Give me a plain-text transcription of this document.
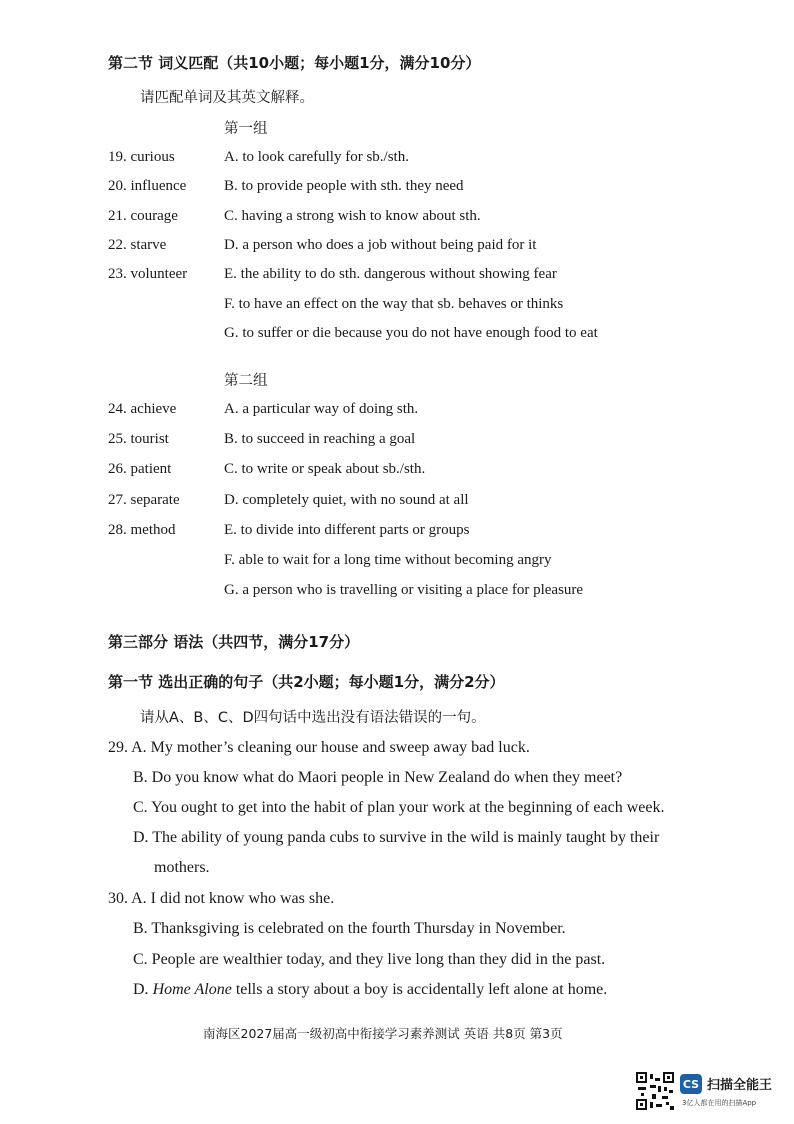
第二节 词义匹配（共10小题；每小题1分，满分10分）
请匹配单词及其英文解释。
第一组
19. curious
20. influence
21. courage
22. starve
23. volunteer
A. to look carefully for sb./sth.
B. to provide people with sth. they need
C. having a strong wish to know about sth.
D. a person who does a job without being paid for it
E. the ability to do sth. dangerous without showing fear
F. to have an effect on the way that sb. behaves or thinks
G. to suffer or die because you do not have enough food to eat
第二组
24. achieve
25. tourist
26. patient
27. separate
28. method
A. a particular way of doing sth.
B. to succeed in reaching a goal
C. to write or speak about sb./sth.
D. completely quiet, with no sound at all
E. to divide into different parts or groups
F. able to wait for a long time without becoming angry
G. a person who is travelling or visiting a place for pleasure
第三部分 语法（共四节，满分17分）
第一节 选出正确的句子（共2小题；每小题1分，满分2分）
请从A、B、C、D四句话中选出没有语法错误的一句。
29. A. My mother’s cleaning our house and sweep away bad luck.
B. Do you know what do Maori people in New Zealand do when they meet?
C. You ought to get into the habit of plan your work at the beginning of each week.
D. The ability of young panda cubs to survive in the wild is mainly taught by their
mothers.
30. A. I did not know who was she.
B. Thanksgiving is celebrated on the fourth Thursday in November.
C. People are wealthier today, and they live long than they did in the past.
D. Home Alone tells a story about a boy is accidentally left alone at home.
南海区2027届高一级初高中衔接学习素养测试 英语 共8页 第3页
CS 扫描全能王
3亿人都在用的扫描App
